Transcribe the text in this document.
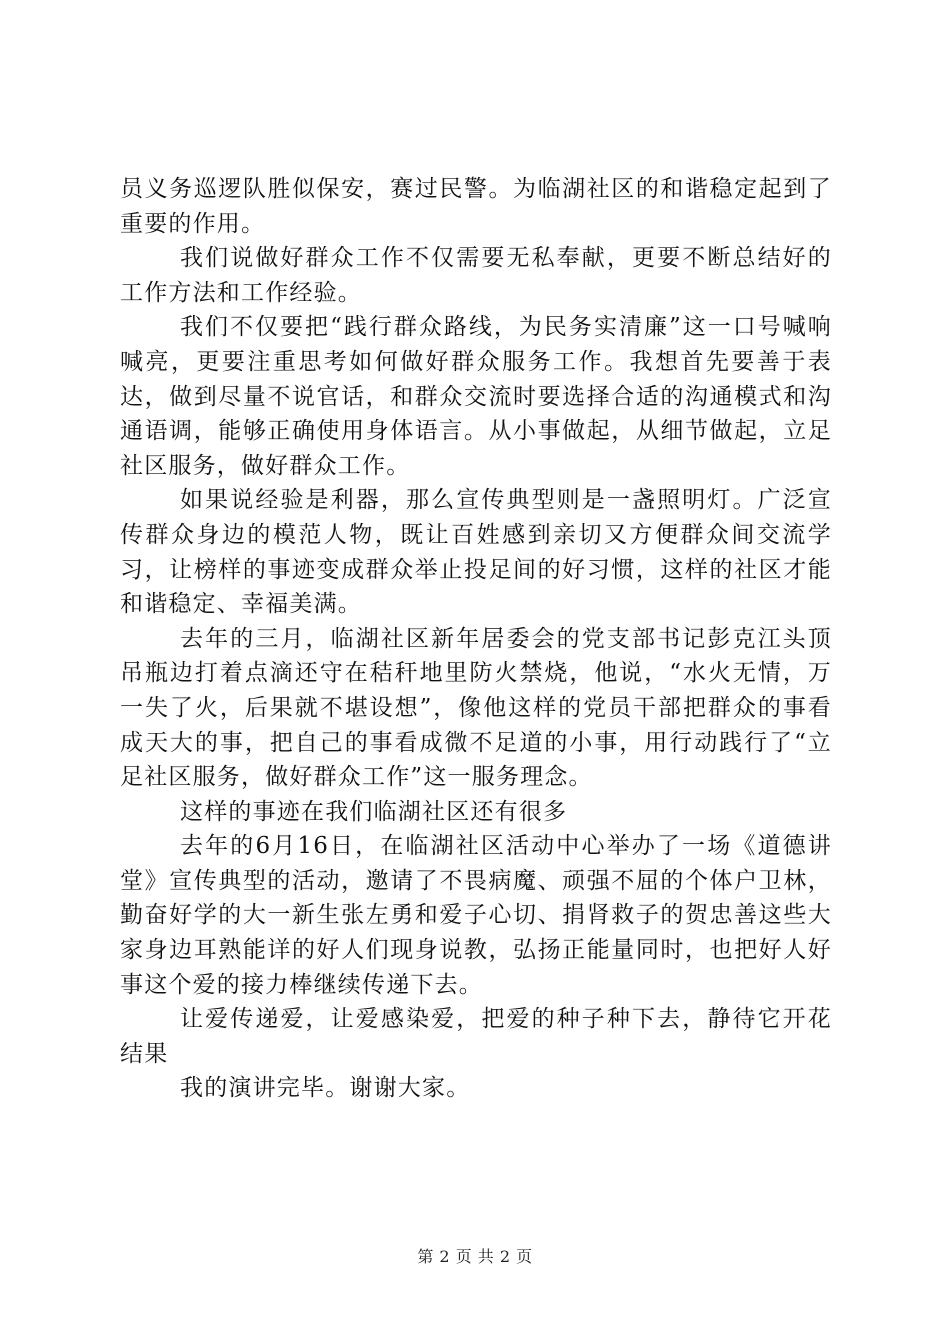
员义务巡逻队胜似保安，赛过民警。为临湖社区的和谐稳定起到了重要的作用。

我们说做好群众工作不仅需要无私奉献，更要不断总结好的工作方法和工作经验。

我们不仅要把“践行群众路线，为民务实清廉”这一口号喊响喊亮，更要注重思考如何做好群众服务工作。我想首先要善于表达，做到尽量不说官话，和群众交流时要选择合适的沟通模式和沟通语调，能够正确使用身体语言。从小事做起，从细节做起，立足社区服务，做好群众工作。

如果说经验是利器，那么宣传典型则是一盏照明灯。广泛宣传群众身边的模范人物，既让百姓感到亲切又方便群众间交流学习，让榜样的事迹变成群众举止投足间的好习惯，这样的社区才能和谐稳定、幸福美满。

去年的三月，临湖社区新年居委会的党支部书记彭克江头顶吊瓶边打着点滴还守在秸秆地里防火禁烧，他说，“水火无情，万一失了火，后果就不堪设想”，像他这样的党员干部把群众的事看成天大的事，把自己的事看成微不足道的小事，用行动践行了“立足社区服务，做好群众工作”这一服务理念。

这样的事迹在我们临湖社区还有很多

去年的6月16日，在临湖社区活动中心举办了一场《道德讲堂》宣传典型的活动，邀请了不畏病魔、顽强不屈的个体户卫林，勤奋好学的大一新生张左勇和爱子心切、捐肾救子的贺忠善这些大家身边耳熟能详的好人们现身说教，弘扬正能量同时，也把好人好事这个爱的接力棒继续传递下去。

让爱传递爱，让爱感染爱，把爱的种子种下去，静待它开花结果

我的演讲完毕。谢谢大家。

第 2 页 共 2 页
